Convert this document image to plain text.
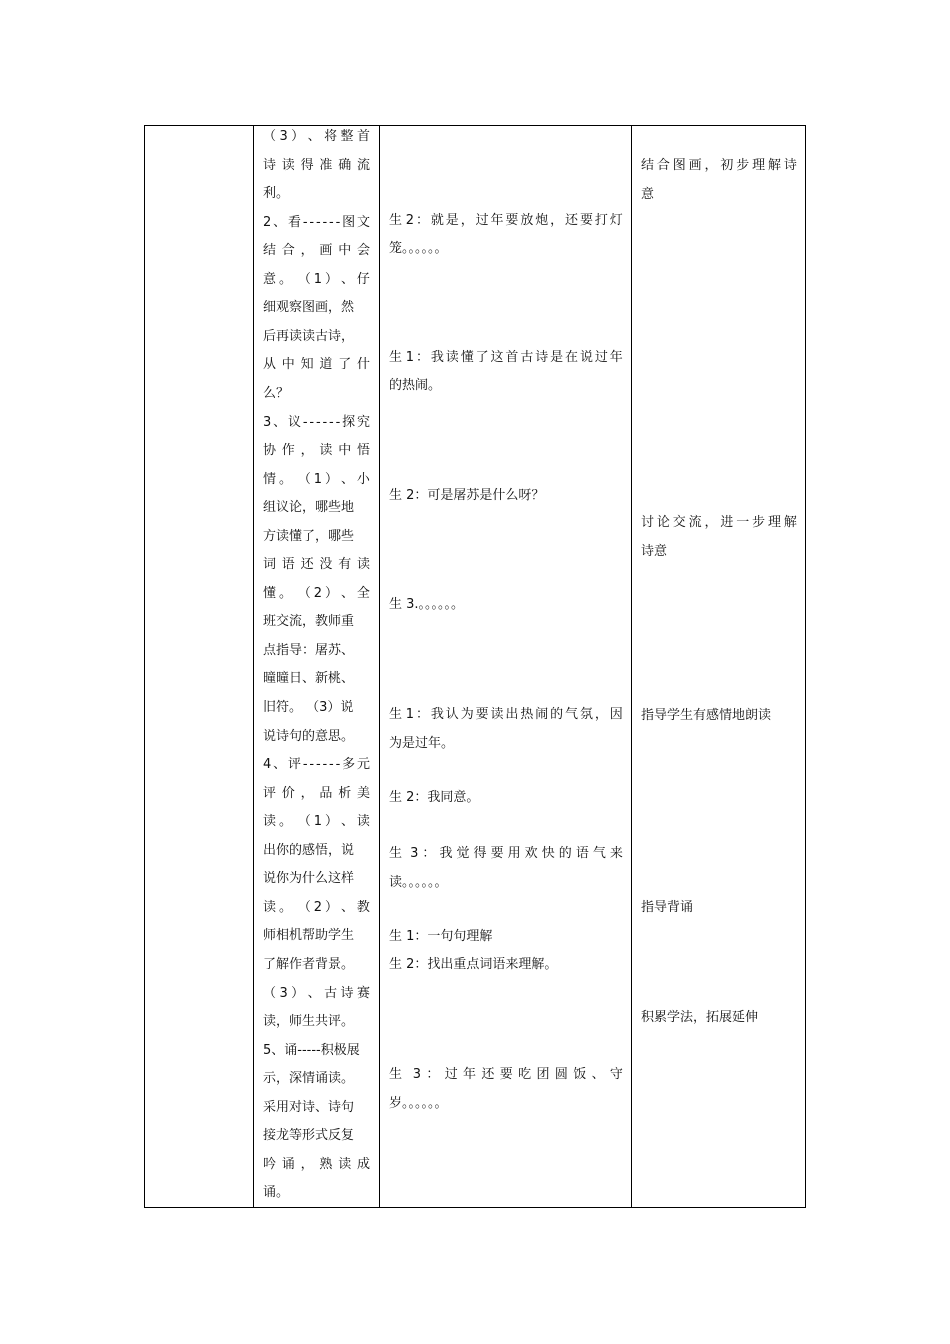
（ 3 ） 、 将 整 首
诗 读 得 准 确 流
利。
2 、 看 - - - - - - 图 文
结 合 ， 画 中 会
意 。 （ 1 ） 、 仔
细观察图画，然
后再读读古诗，
从 中 知 道 了 什
么？
3 、 议 - - - - - - 探 究
协 作 ， 读 中 悟
情 。 （ 1 ） 、 小
组议论，哪些地
方读懂了，哪些
词 语 还 没 有 读
懂 。 （ 2 ） 、 全
班交流，教师重
点指导：屠苏、
曈曈日、新桃、
旧符。 （3）说
说诗句的意思。
4 、 评 - - - - - - 多 元
评 价 ， 品 析 美
读 。 （ 1 ） 、 读
出你的感悟，说
说你为什么这样
读 。 （ 2 ） 、 教
师相机帮助学生
了解作者背景。
（ 3 ） 、 古 诗 赛
读，师生共评。
5、诵-----积极展
示，深情诵读。
采用对诗、诗句
接龙等形式反复
吟 诵 ， 熟 读 成
诵。
生 2 ： 就 是 ， 过 年 要 放 炮 ， 还 要 打 灯
笼。。。。。。
生 1 ： 我 读 懂 了 这 首 古 诗 是 在 说 过 年
的热闹。
生 2：可是屠苏是什么呀？
生 3.。。。。。。
生 1 ： 我 认 为 要 读 出 热 闹 的 气 氛 ， 因
为是过年。
生 2：我同意。
生 3 ： 我 觉 得 要 用 欢 快 的 语 气 来
读。。。。。。
生 1：一句句理解
生 2：找出重点词语来理解。
生 3 ： 过 年 还 要 吃 团 圆 饭 、 守
岁。。。。。。
结 合 图 画 ， 初 步 理 解 诗
意
讨 论 交 流 ， 进 一 步 理 解
诗意
指导学生有感情地朗读
指导背诵
积累学法，拓展延伸
